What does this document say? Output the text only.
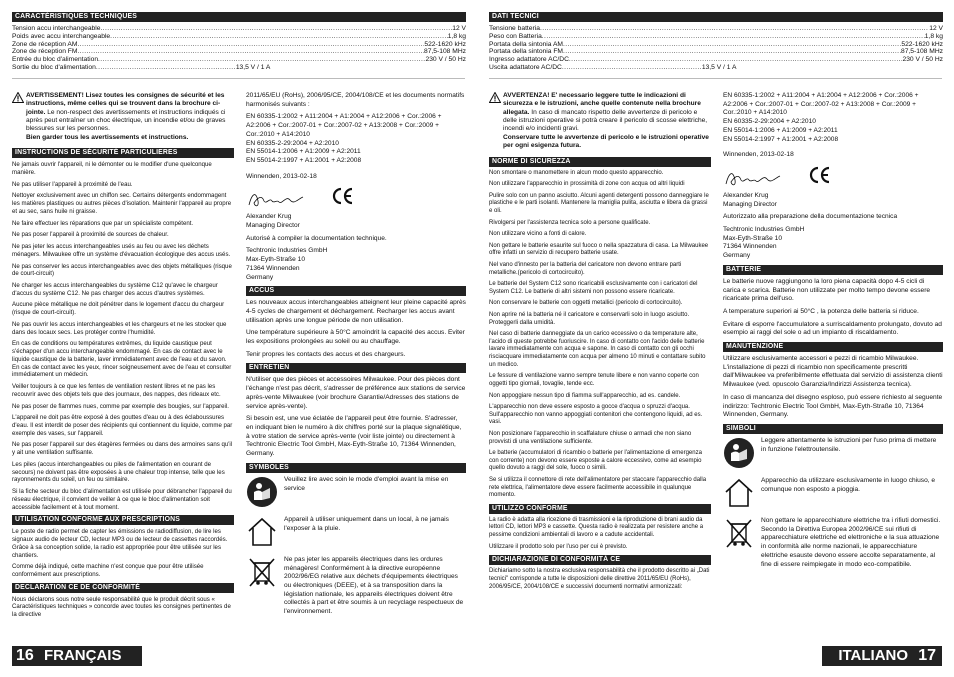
CARACTÉRISTIQUES TECHNIQUES
Tension accu interchangeable .....	12 V
Poids avec accu interchangeable .....	1,8 kg
Zone de réception AM .....	522-1620 kHz
Zone de réception FM .....	87,5-108 MHz
Entrée du bloc d'alimentation .....	230 V / 50 Hz
Sortie du bloc d'alimentation .....	13,5 V / 1 A
AVERTISSEMENT! Lisez toutes les consignes de sécurité et les instructions, même celles qui se trouvent dans la brochure ci-jointe. Le non-respect des avertissements et instructions indiqués ci après peut entraîner un choc électrique, un incendie et/ou de graves blessures sur les personnes.
Bien garder tous les avertissements et instructions.
INSTRUCTIONS DE SÉCURITÉ PARTICULIERES

Ne jamais ouvrir l'appareil, ni le démonter ou le modifier d'une quelconque manière.

Ne pas utiliser l'appareil à proximité de l'eau.

Nettoyer exclusivement avec un chiffon sec. Certains détergents endommagent les matières plastiques ou autres pièces d'isolation. Maintenir l'appareil au propre et au sec, sans huile ni graisse.

Ne faire effectuer les réparations que par un spécialiste compétent.

Ne pas poser l'appareil à proximité de sources de chaleur.

Ne pas jeter les accus interchangeables usés au feu ou avec les déchets ménagers. Milwaukee offre un système d'évacuation écologique des accus usés.

Ne pas conserver les accus interchangeables avec des objets métalliques (risque de court-circuit)

Ne charger les accus interchangeables du système C12 qu'avec le chargeur d'accus du système C12. Ne pas charger des accus d'autres systèmes.

Aucune pièce métallique ne doit pénétrer dans le logement d'accu du chargeur (risque de court-circuit).

Ne pas ouvrir les accus interchangeables et les chargeurs et ne les stocker que dans des locaux secs. Les protéger contre l'humidité.

En cas de conditions ou températures extrêmes, du liquide caustique peut s'échapper d'un accu interchangeable endommagé. En cas de contact avec le liquide caustique de la batterie, laver immédiatement avec de l'eau et du savon. En cas de contact avec les yeux, rincer soigneusement avec de l'eau et consulter immédiatement un médecin.

Veiller toujours à ce que les fentes de ventilation restent libres et ne pas les recouvrir avec des objets tels que des journaux, des nappes, des rideaux etc.

Ne pas poser de flammes nues, comme par exemple des bougies, sur l'appareil.

L'appareil ne doit pas être exposé à des gouttes d'eau ou à des éclaboussures d'eau. Il est interdit de poser des récipients qui contiennent du liquide, comme par exemple des vases, sur l'appareil.

Ne pas poser l'appareil sur des étagères fermées ou dans des armoires sans qu'il y ait une ventilation suffisante.

Les piles (accus interchangeables ou piles de l'alimentation en courant de secours) ne doivent pas être exposées à une chaleur trop intense, telle que les rayonnements du soleil, un feu ou similaire.

Si la fiche secteur du bloc d'alimentation est utilisée pour débrancher l'appareil du réseau électrique, il convient de veiller à ce que le bloc d'alimentation soit accessible facilement et à tout moment.

UTILISATION CONFORME AUX PRESCRIPTIONS

Le poste de radio permet de capter les émissions de radiodiffusion, de lire les signaux audio de lecteur CD, lecteur MP3 ou de lecteur de cassettes raccordés. Grâce à sa conception solide, la radio est appropriée pour être utilisée sur les chantiers.

Comme déjà indiqué, cette machine n'est conçue que pour être utilisée conformément aux prescriptions.

DECLARATION CE DE CONFORMITÉ

Nous déclarons sous notre seule responsabilité que le produit décrit sous « Caractéristiques techniques » concorde avec toutes les consignes pertinentes de la directive

2011/65/EU (RoHs), 2006/95/CE, 2004/108/CE et les documents normatifs harmonisés suivants :

EN 60335-1:2002 + A11:2004 + A1:2004 + A12:2006 + Cor.:2006 + A2:2006 + Cor.:2007-01 + Cor.:2007-02 + A13:2008 + Cor.:2009 + Cor.:2010 + A14:2010

EN 60335-2-29:2004 + A2:2010

EN 55014-1:2006 + A1:2009 + A2:2011

EN 55014-2:1997 + A1:2001 + A2:2008

Winnenden, 2013-02-18

Alexander Krug

Managing Director

Autorisé à compiler la documentation technique.

Techtronic Industries GmbH

Max-Eyth-Straße 10

71364 Winnenden

Germany

ACCUS

Les nouveaux accus interchangeables atteignent leur pleine capacité après 4-5 cycles de chargement et déchargement. Recharger les accus avant utilisation après une longue période de non utilisation.

Une température supérieure à 50°C amoindrit la capacité des accus. Eviter les expositions prolongées au soleil ou au chauffage.

Tenir propres les contacts des accus et des chargeurs.

ENTRETIEN

N'utiliser que des pièces et accessoires Milwaukee. Pour des pièces dont l'échange n'est pas décrit, s'adresser de préférence aux stations de service après-vente Milwaukee (voir brochure Garantie/Adresses des stations de service après-vente).

Si besoin est, une vue éclatée de l'appareil peut être fournie. S'adresser, en indiquant bien le numéro à dix chiffres porté sur la plaque signalétique, à votre station de service après-vente (voir liste jointe) ou directement à Techtronic Electric Tool GmbH, Max-Eyth-Straße 10, 71364 Winnenden, Germany.

SYMBOLES
Veuillez lire avec soin le mode d'emploi avant la mise en service
Appareil à utiliser uniquement dans un local, à ne jamais l'exposer à la pluie.
Ne pas jeter les appareils électriques dans les ordures ménagères! Conformément à la directive européenne 2002/96/EG relative aux déchets d'équipements électriques ou électroniques (DEEE), et à sa transposition dans la législation nationale, les appareils électriques doivent être collectés à part et être soumis à un recyclage respectueux de l'environnement.
16 FRANÇAIS
DATI TECNICI
Tensione batteria .....	12 V
Peso con Batteria .....	1,8 kg
Portata della sintonia AM .....	522-1620 kHz
Portata della sintonia FM .....	87,5-108 MHz
Ingresso adattatore AC/DC .....	230 V / 50 Hz
Uscita adattatore AC/DC .....	13,5 V / 1 A
AVVERTENZA! E' necessario leggere tutte le indicazioni di sicurezza e le istruzioni, anche quelle contenute nella brochure allegata. In caso di mancato rispetto delle avvertenze di pericolo e delle istruzioni operative si potrà creare il pericolo di scosse elettriche, incendi e/o incidenti gravi.
Conservare tutte le avvertenze di pericolo e le istruzioni operative per ogni esigenza futura.
NORME DI SICUREZZA

Non smontare o manomettere in alcun modo questo apparecchio.

Non utilizzare l'apparecchio in prossimità di zone con acqua od altri liquidi

Pulire solo con un panno asciutto. Alcuni agenti detergenti possono danneggiare le plastiche e le parti isolanti. Mantenere la maniglia pulita, asciutta e libera da grassi e oli.

Rivolgersi per l'assistenza tecnica solo a persone qualificate.

Non utilizzare vicino a fonti di calore.

Non gettare le batterie esaurite sul fuoco o nella spazzatura di casa. La Milwaukee offre infatti un servizio di recupero batterie usate.

Nel vano d'innesto per la batteria del caricatore non devono entrare parti metalliche.(pericolo di cortocircuito).

Le batterie del System C12 sono ricaricabili esclusivamente con i caricatori del System C12. Le batterie di altri sistemi non possono essere ricaricate.

Non conservare le batterie con oggetti metallici (pericolo di cortocircuito).

Non aprire né la batteria né il caricatore e conservarli solo in luogo asciutto. Proteggerli dalla umidità.

Nel caso di batterie danneggiate da un carico eccessivo o da temperature alte, l'acido di queste potrebbe fuoriuscire. In caso di contatto con l'acido delle batterie lavare immediatamente con acqua e sapone. In caso di contatto con gli occhi risciacquare immediatamente con acqua per almeno 10 minuti e contattare subito un medico.

Le fessure di ventilazione vanno sempre tenute libere e non vanno coperte con oggetti tipo giornali, tovaglie, tende ecc.

Non appoggiare nessun tipo di fiamma sull'apparecchio, ad es. candele.

L'apparecchio non deve essere esposto a gocce d'acqua o spruzzi d'acqua. Sull'apparecchio non vanno appoggiati contenitori che contengono liquidi, ad es. vasi.

Non posizionare l'apparecchio in scaffalature chiuse o armadi che non siano provvisti di una ventilazione sufficiente.

Le batterie (accumulatori di ricambio o batterie per l'alimentazione di emergenza con corrente) non devono essere esposte a calore eccessivo, come ad esempio quello dovuto a raggi del sole, fuoco o simili.

Se si utilizza il connettore di rete dell'alimentatore per staccare l'apparecchio dalla rete elettrica, l'alimentatore deve essere facilmente accessibile in qualunque momento.

UTILIZZO CONFORME

La radio è adatta alla ricezione di trasmissioni e la riproduzione di brani audio da lettori CD, lettori MP3 e cassette. Questa radio è realizzata per resistere anche a pessime condizioni ambientali di lavoro e a cadute accidentali.

Utilizzare il prodotto solo per l'uso per cui è previsto.

DICHIARAZIONE DI CONFORMITÀ CE

Dichiariamo sotto la nostra esclusiva responsabilità che il prodotto descritto ai „Dati tecnici" corrisponde a tutte le disposizioni delle direttive 2011/65/EU (RoHs), 2006/95/CE, 2004/108/CE e successivi documenti normativi armonizzati:

EN 60335-1:2002 + A11:2004 + A1:2004 + A12:2006 + Cor.:2006 + A2:2006 + Cor.:2007-01 + Cor.:2007-02 + A13:2008 + Cor.:2009 + Cor.:2010 + A14:2010

EN 60335-2-29:2004 + A2:2010

EN 55014-1:2006 + A1:2009 + A2:2011

EN 55014-2:1997 + A1:2001 + A2:2008

Winnenden, 2013-02-18

Alexander Krug

Managing Director

Autorizzato alla preparazione della documentazione tecnica

Techtronic Industries GmbH

Max-Eyth-Straße 10

71364 Winnenden

Germany

BATTERIE

Le batterie nuove raggiungono la loro piena capacità dopo 4-5 cicli di carica e scarica. Batterie non utilizzate per molto tempo devone essere ricaricate prima dell'uso.

A temperature superiori ai 50°C , la potenza delle batteria si riduce.

Evitare di esporre l'accumulatore a surriscaldamento prolungato, dovuto ad esempio ai raggi del sole o ad un impianto di riscaldamento.

MANUTENZIONE

Utilizzare esclusivamente accessori e pezzi di ricambio Milwaukee. L'installazione di pezzi di ricambio non specificamente prescritti dall'Milwaukee va preferibilmente effettuata dal servizio di assistenza clienti Milwaukee (ved. opuscolo Garanzia/Indirizzi Assistenza tecnica).

In caso di mancanza del disegno esploso, può essere richiesto al seguente indirizzo: Techtronic Electric Tool GmbH, Max-Eyth-Straße 10, 71364 Winnenden, Germany.

SIMBOLI
Leggere attentamente le istruzioni per l'uso prima di mettere in funzione l'elettroutensile.
Apparecchio da utilizzare esclusivamente in luogo chiuso, e comunque non esposto a pioggia.
Non gettare le apparecchiature elettriche tra i rifiuti domestici. Secondo la Direttiva Europea 2002/96/CE sui rifiuti di apparecchiature elettriche ed elettroniche e la sua attuazione in conformità alle norme nazionali, le apparecchiature elettriche esauste devono essere accolte separatamente, al fine di essere reimpiegate in modo eco-compatibile.
ITALIANO 17
